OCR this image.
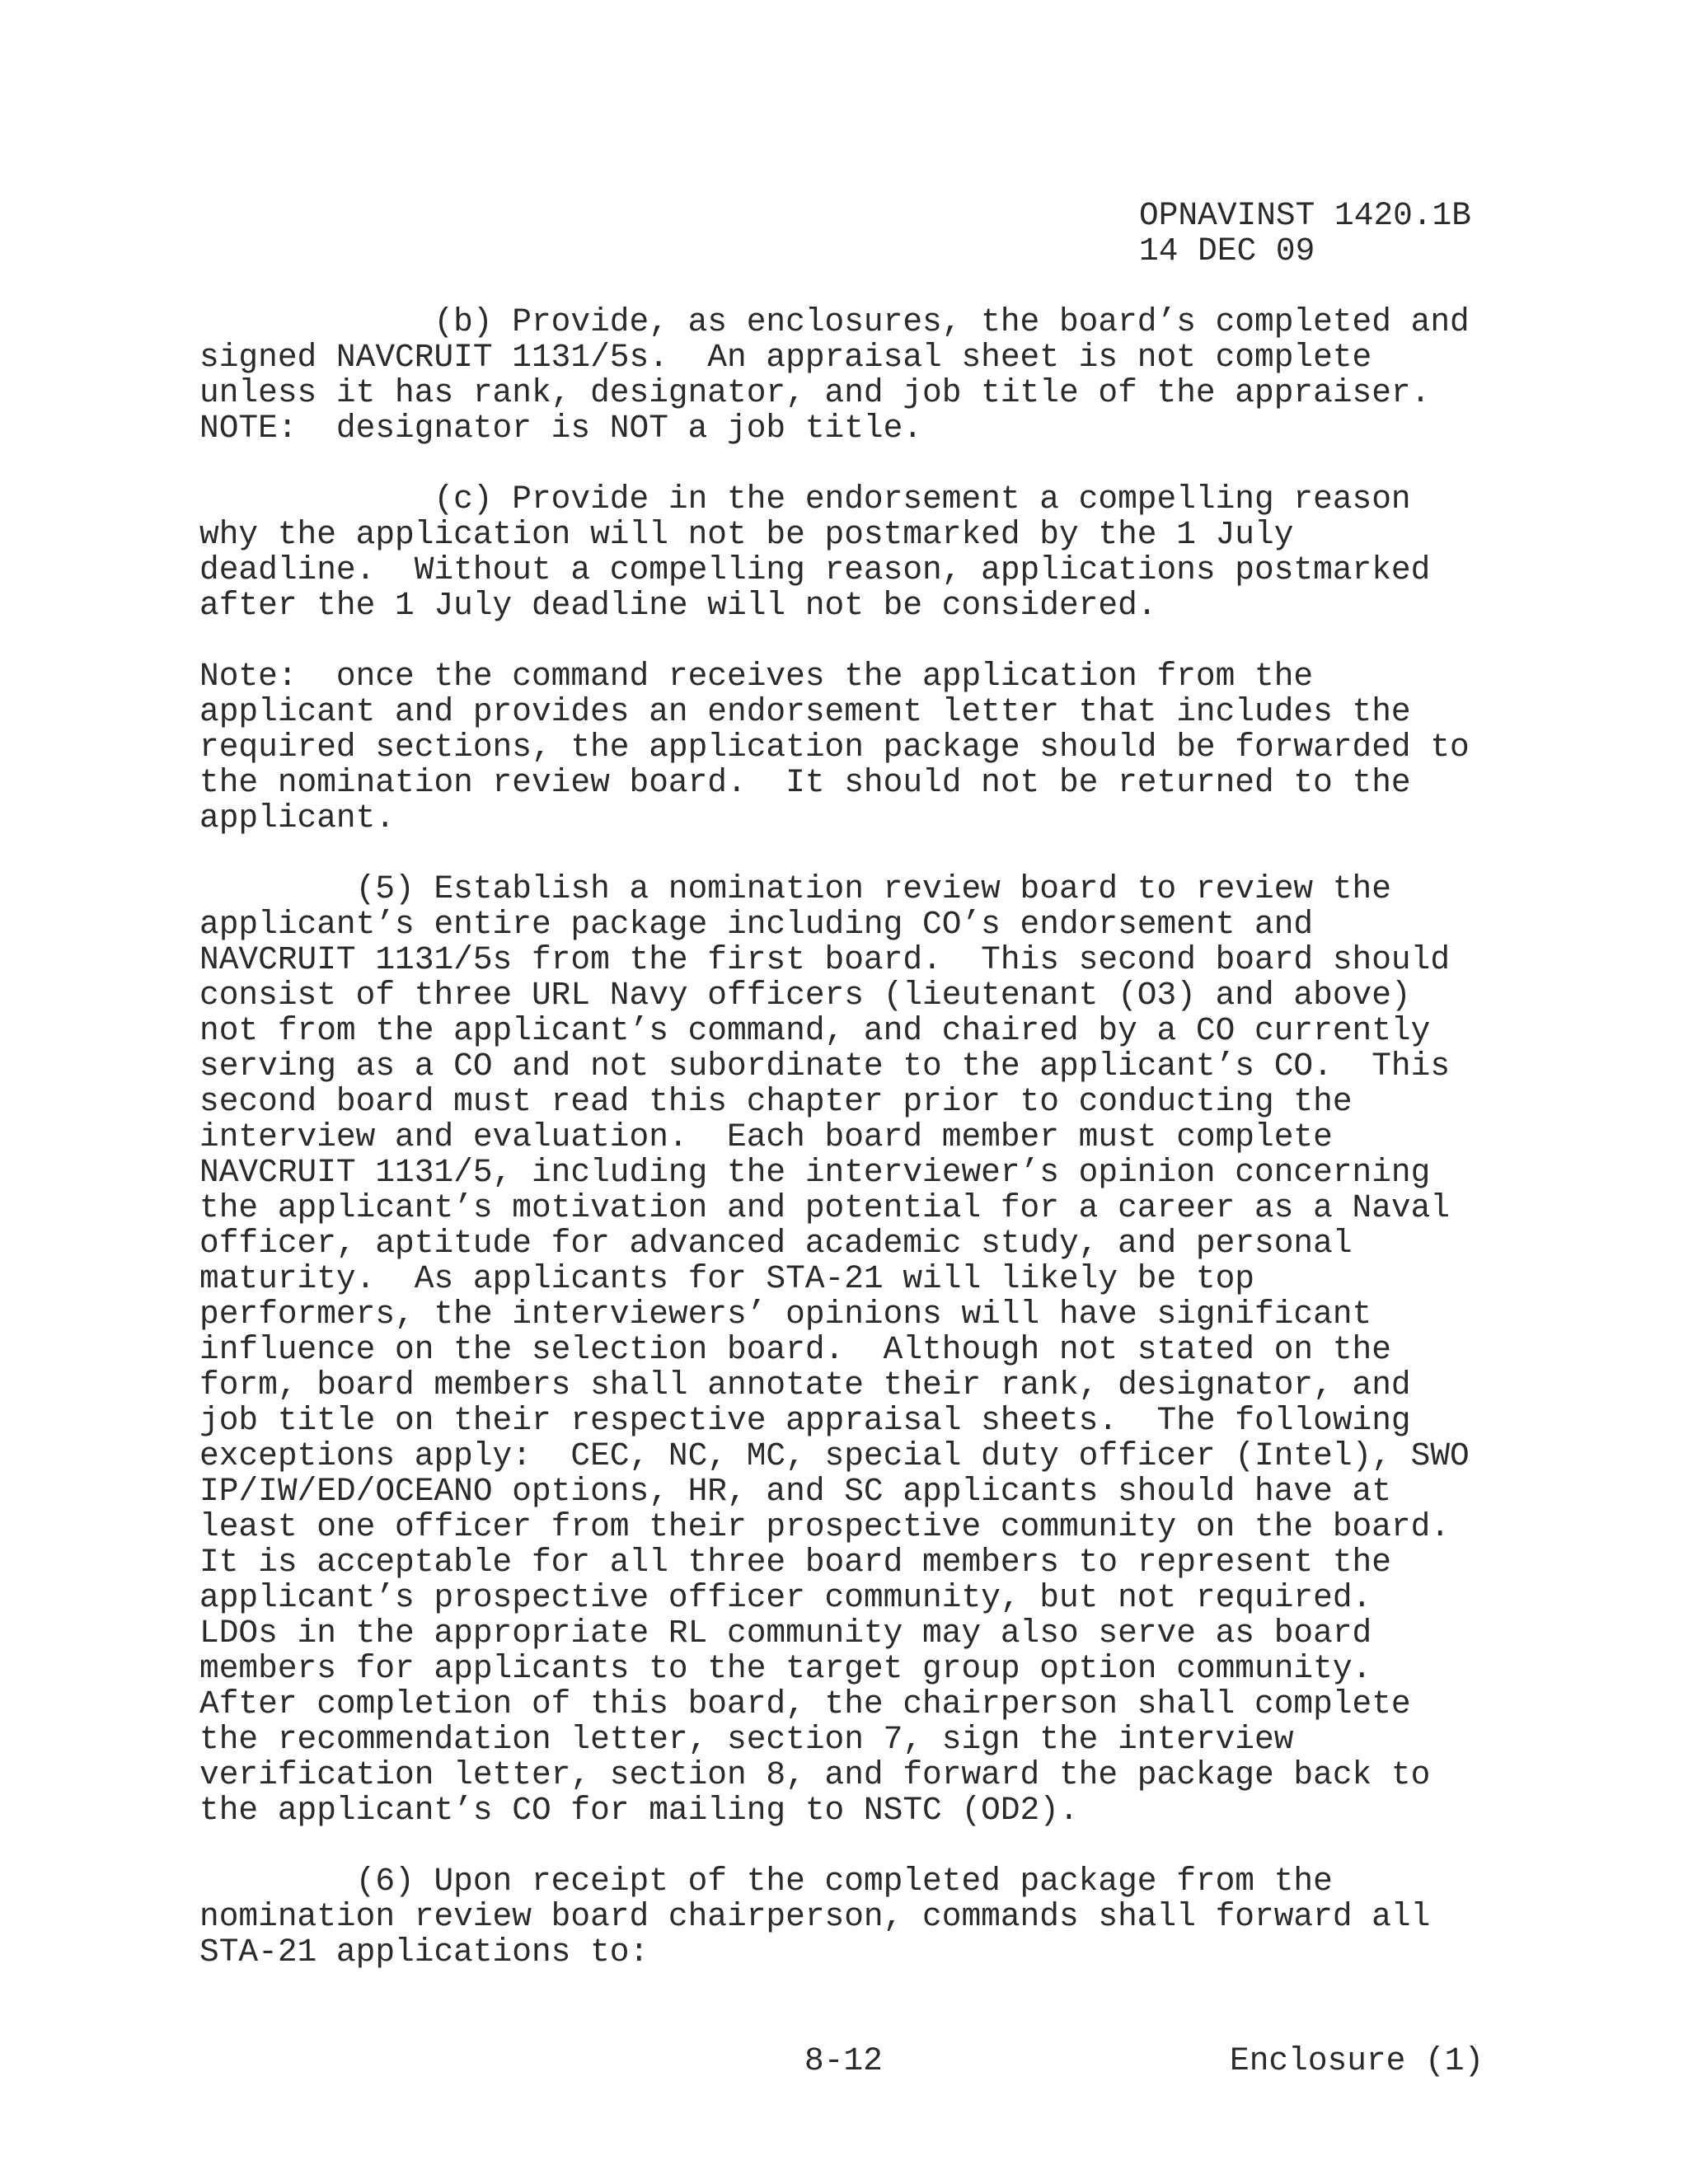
OPNAVINST 1420.1B
14 DEC 09
(b) Provide, as enclosures, the board’s completed and
signed NAVCRUIT 1131/5s.  An appraisal sheet is not complete
unless it has rank, designator, and job title of the appraiser.
NOTE:  designator is NOT a job title.
(c) Provide in the endorsement a compelling reason
why the application will not be postmarked by the 1 July
deadline.  Without a compelling reason, applications postmarked
after the 1 July deadline will not be considered.
Note:  once the command receives the application from the
applicant and provides an endorsement letter that includes the
required sections, the application package should be forwarded to
the nomination review board.  It should not be returned to the
applicant.
(5) Establish a nomination review board to review the
applicant’s entire package including CO’s endorsement and
NAVCRUIT 1131/5s from the first board.  This second board should
consist of three URL Navy officers (lieutenant (O3) and above)
not from the applicant’s command, and chaired by a CO currently
serving as a CO and not subordinate to the applicant’s CO.  This
second board must read this chapter prior to conducting the
interview and evaluation.  Each board member must complete
NAVCRUIT 1131/5, including the interviewer’s opinion concerning
the applicant’s motivation and potential for a career as a Naval
officer, aptitude for advanced academic study, and personal
maturity.  As applicants for STA-21 will likely be top
performers, the interviewers’ opinions will have significant
influence on the selection board.  Although not stated on the
form, board members shall annotate their rank, designator, and
job title on their respective appraisal sheets.  The following
exceptions apply:  CEC, NC, MC, special duty officer (Intel), SWO
IP/IW/ED/OCEANO options, HR, and SC applicants should have at
least one officer from their prospective community on the board.
It is acceptable for all three board members to represent the
applicant’s prospective officer community, but not required.
LDOs in the appropriate RL community may also serve as board
members for applicants to the target group option community.
After completion of this board, the chairperson shall complete
the recommendation letter, section 7, sign the interview
verification letter, section 8, and forward the package back to
the applicant’s CO for mailing to NSTC (OD2).
(6) Upon receipt of the completed package from the
nomination review board chairperson, commands shall forward all
STA-21 applications to:
8-12	Enclosure (1)
